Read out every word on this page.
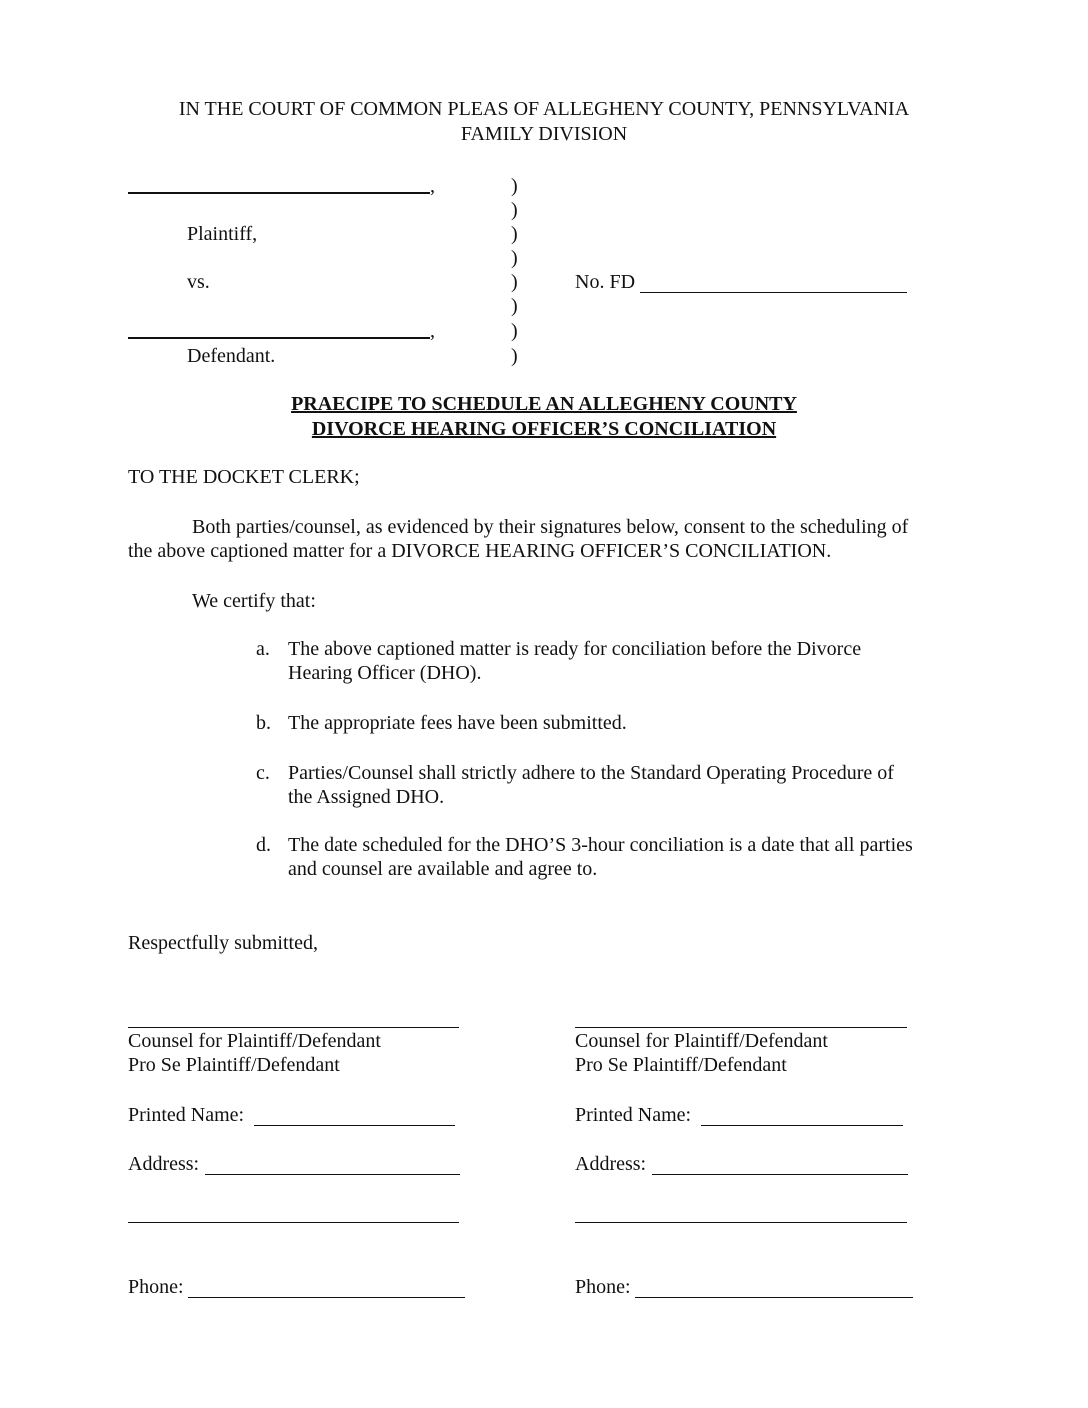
IN THE COURT OF COMMON PLEAS OF ALLEGHENY COUNTY, PENNSYLVANIA
FAMILY DIVISION
,
Plaintiff,
vs.
,
Defendant.
)
)
)
)
)
)
)
)
No. FD
PRAECIPE TO SCHEDULE AN ALLEGHENY COUNTY
DIVORCE HEARING OFFICER’S CONCILIATION
TO THE DOCKET CLERK;
Both parties/counsel, as evidenced by their signatures below, consent to the scheduling of
the above captioned matter for a DIVORCE HEARING OFFICER’S CONCILIATION.
We certify that:
a. The above captioned matter is ready for conciliation before the Divorce
Hearing Officer (DHO).
b. The appropriate fees have been submitted.
c. Parties/Counsel shall strictly adhere to the Standard Operating Procedure of
the Assigned DHO.
d. The date scheduled for the DHO’S 3-hour conciliation is a date that all parties
and counsel are available and agree to.
Respectfully submitted,
Counsel for Plaintiff/Defendant
Pro Se Plaintiff/Defendant
Printed Name:
Address:
Phone:
Counsel for Plaintiff/Defendant
Pro Se Plaintiff/Defendant
Printed Name:
Address:
Phone:
